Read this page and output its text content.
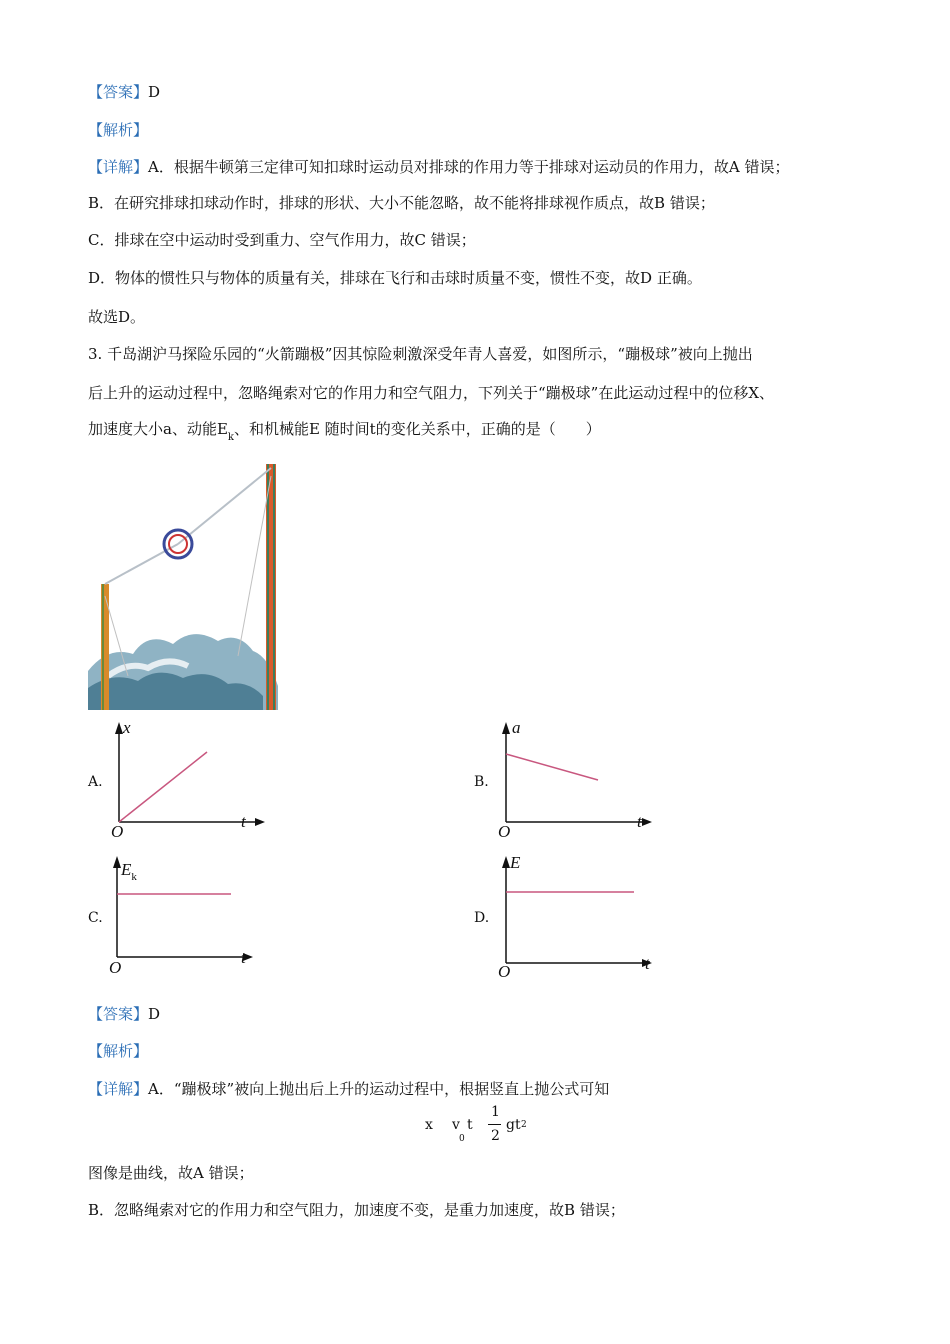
【答案】D
【解析】
【详解】A．根据牛顿第三定律可知扣球时运动员对排球的作用力等于排球对运动员的作用力，故A 错误；
B．在研究排球扣球动作时，排球的形状、大小不能忽略，故不能将排球视作质点，故B 错误；
C．排球在空中运动时受到重力、空气作用力，故C 错误；
D．物体的惯性只与物体的质量有关，排球在飞行和击球时质量不变，惯性不变，故D 正确。
故选D。
3. 千岛湖沪马探险乐园的“火箭蹦极”因其惊险刺激深受年青人喜爱，如图所示，“蹦极球”被向上抛出
后上升的运动过程中，忽略绳索对它的作用力和空气阻力，下列关于“蹦极球”在此运动过程中的位移X、
加速度大小a、动能$E_k$、和机械能E 随时间t的变化关系中，正确的是（　　）
A.
x
t
O
B.
a
t
O
C.
$E_k$
t
O
D.
E
t
O
【答案】D
【解析】
【详解】A．“蹦极球”被向上抛出后上升的运动过程中，根据竖直上抛公式可知
x v t
0
1
2
gt 2
图像是曲线，故A 错误；
B．忽略绳索对它的作用力和空气阻力，加速度不变，是重力加速度，故B 错误；
